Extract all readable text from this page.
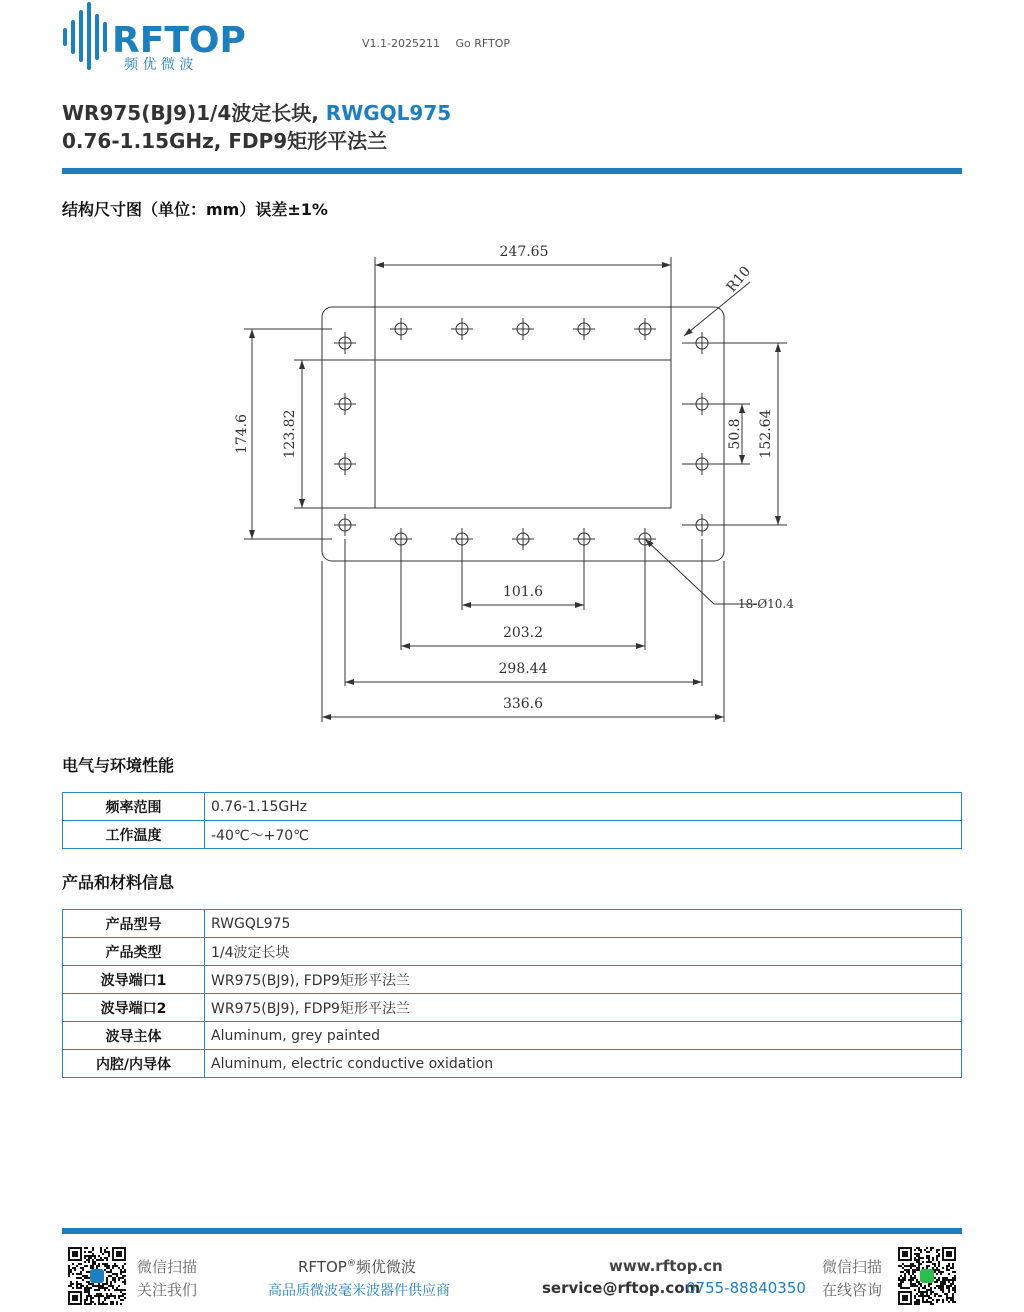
RFTOP
频 优 微 波
V1.1-2025211 Go RFTOP
WR975(BJ9)1/4波定长块, RWGQL975
0.76-1.15GHz, FDP9矩形平法兰
结构尺寸图（单位：mm）误差±1%
247.65
R10
174.6 123.82	50.8 152.64
18-Ø10.4
101.6
203.2
298.44
336.6
电气与环境性能
频率范围	0.76-1.15GHz
工作温度	-40℃～+70℃
产品和材料信息
产品型号	RWGQL975
产品类型	1/4波定长块
波导端口1	WR975(BJ9), FDP9矩形平法兰
波导端口2	WR975(BJ9), FDP9矩形平法兰
波导主体	Aluminum, grey painted
内腔/内导体	Aluminum, electric conductive oxidation
微信扫描
关注我们
RFTOP®频优微波
高品质微波毫米波器件供应商
www.rftop.cn
service@rftop.com
0755-88840350
微信扫描
在线咨询
